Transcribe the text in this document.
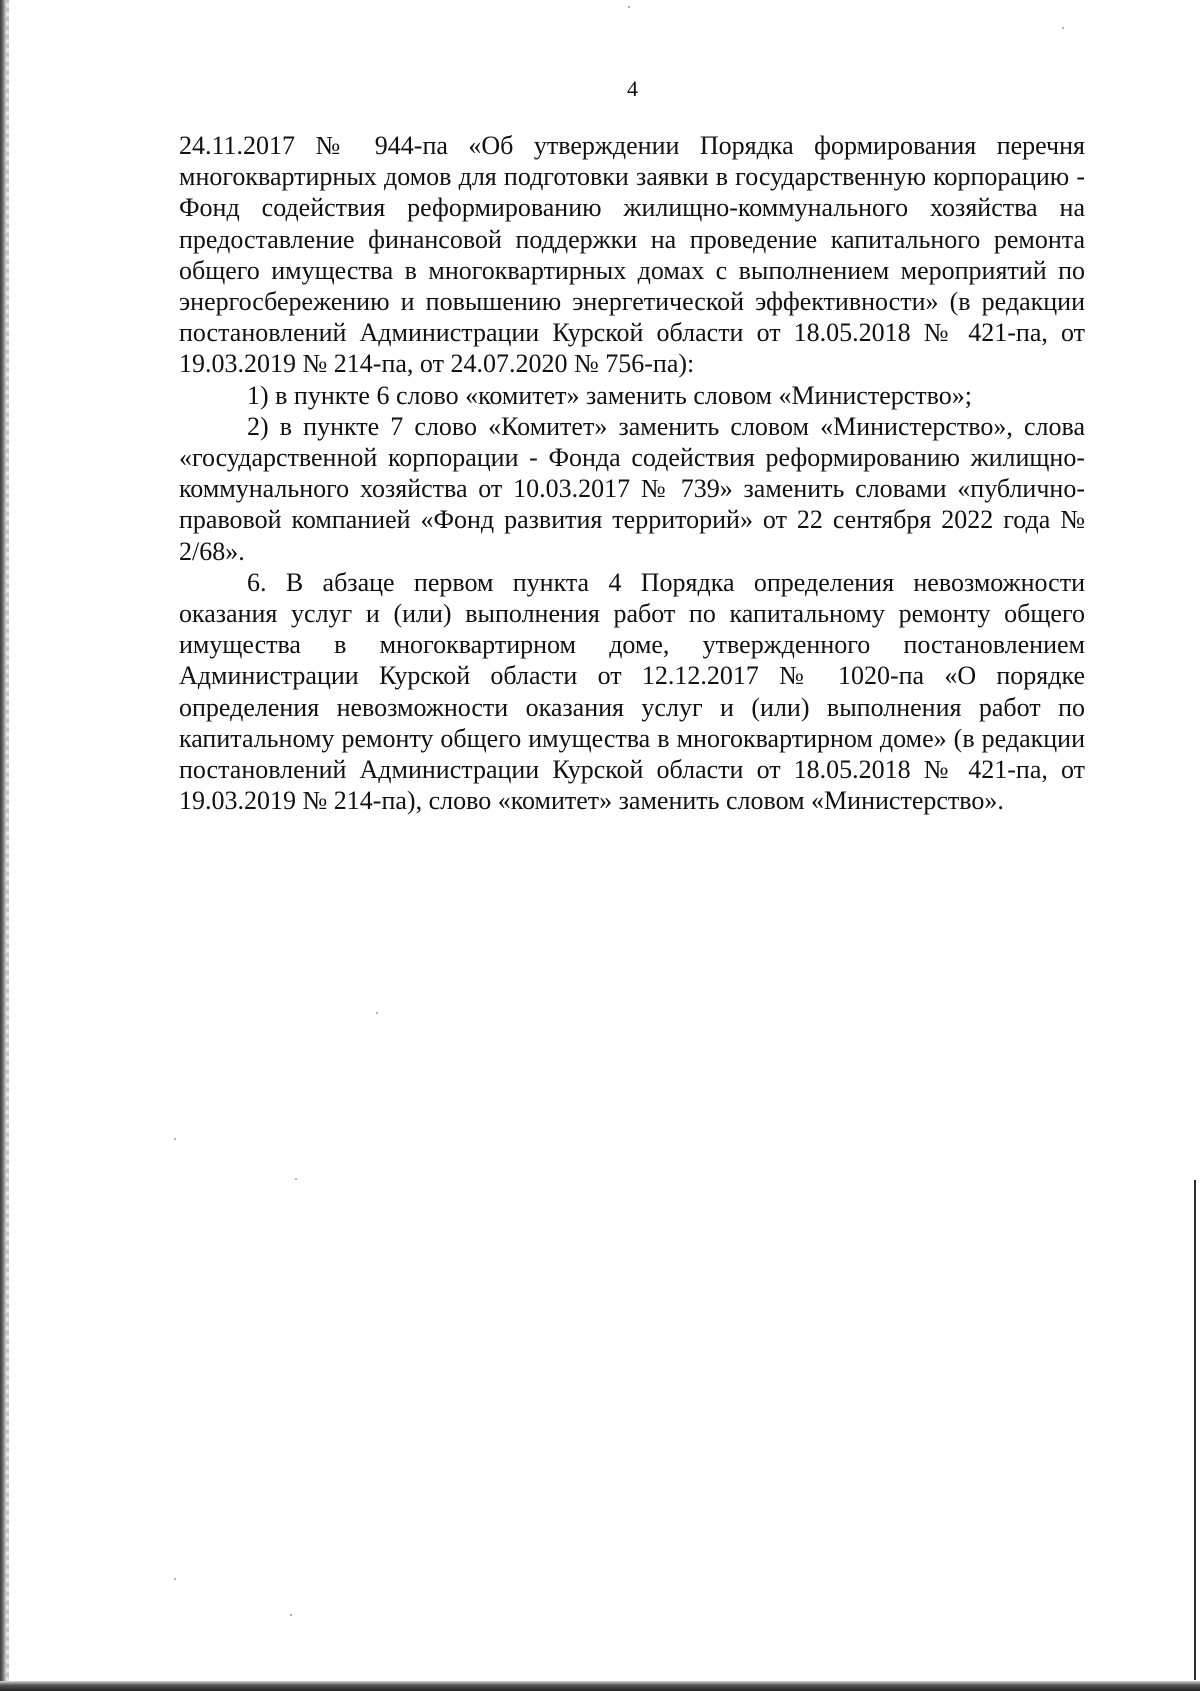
4

24.11.2017 № 944-па «Об утверждении Порядка формирования перечня многоквартирных домов для подготовки заявки в государственную корпорацию - Фонд содействия реформированию жилищно-коммунального хозяйства на предоставление финансовой поддержки на проведение капитального ремонта общего имущества в многоквартирных домах с выполнением мероприятий по энергосбережению и повышению энергетической эффективности» (в редакции постановлений Администрации Курской области от 18.05.2018 № 421-па, от 19.03.2019 № 214-па, от 24.07.2020 № 756-па):

1) в пункте 6 слово «комитет» заменить словом «Министерство»;

2) в пункте 7 слово «Комитет» заменить словом «Министерство», слова «государственной корпорации - Фонда содействия реформированию жилищно-коммунального хозяйства от 10.03.2017 № 739» заменить словами «публично-правовой компанией «Фонд развития территорий» от 22 сентября 2022 года № 2/68».

6. В абзаце первом пункта 4 Порядка определения невозможности оказания услуг и (или) выполнения работ по капитальному ремонту общего имущества в многоквартирном доме, утвержденного постановлением Администрации Курской области от 12.12.2017 № 1020-па «О порядке определения невозможности оказания услуг и (или) выполнения работ по капитальному ремонту общего имущества в многоквартирном доме» (в редакции постановлений Администрации Курской области от 18.05.2018 № 421-па, от 19.03.2019 № 214-па), слово «комитет» заменить словом «Министерство».
